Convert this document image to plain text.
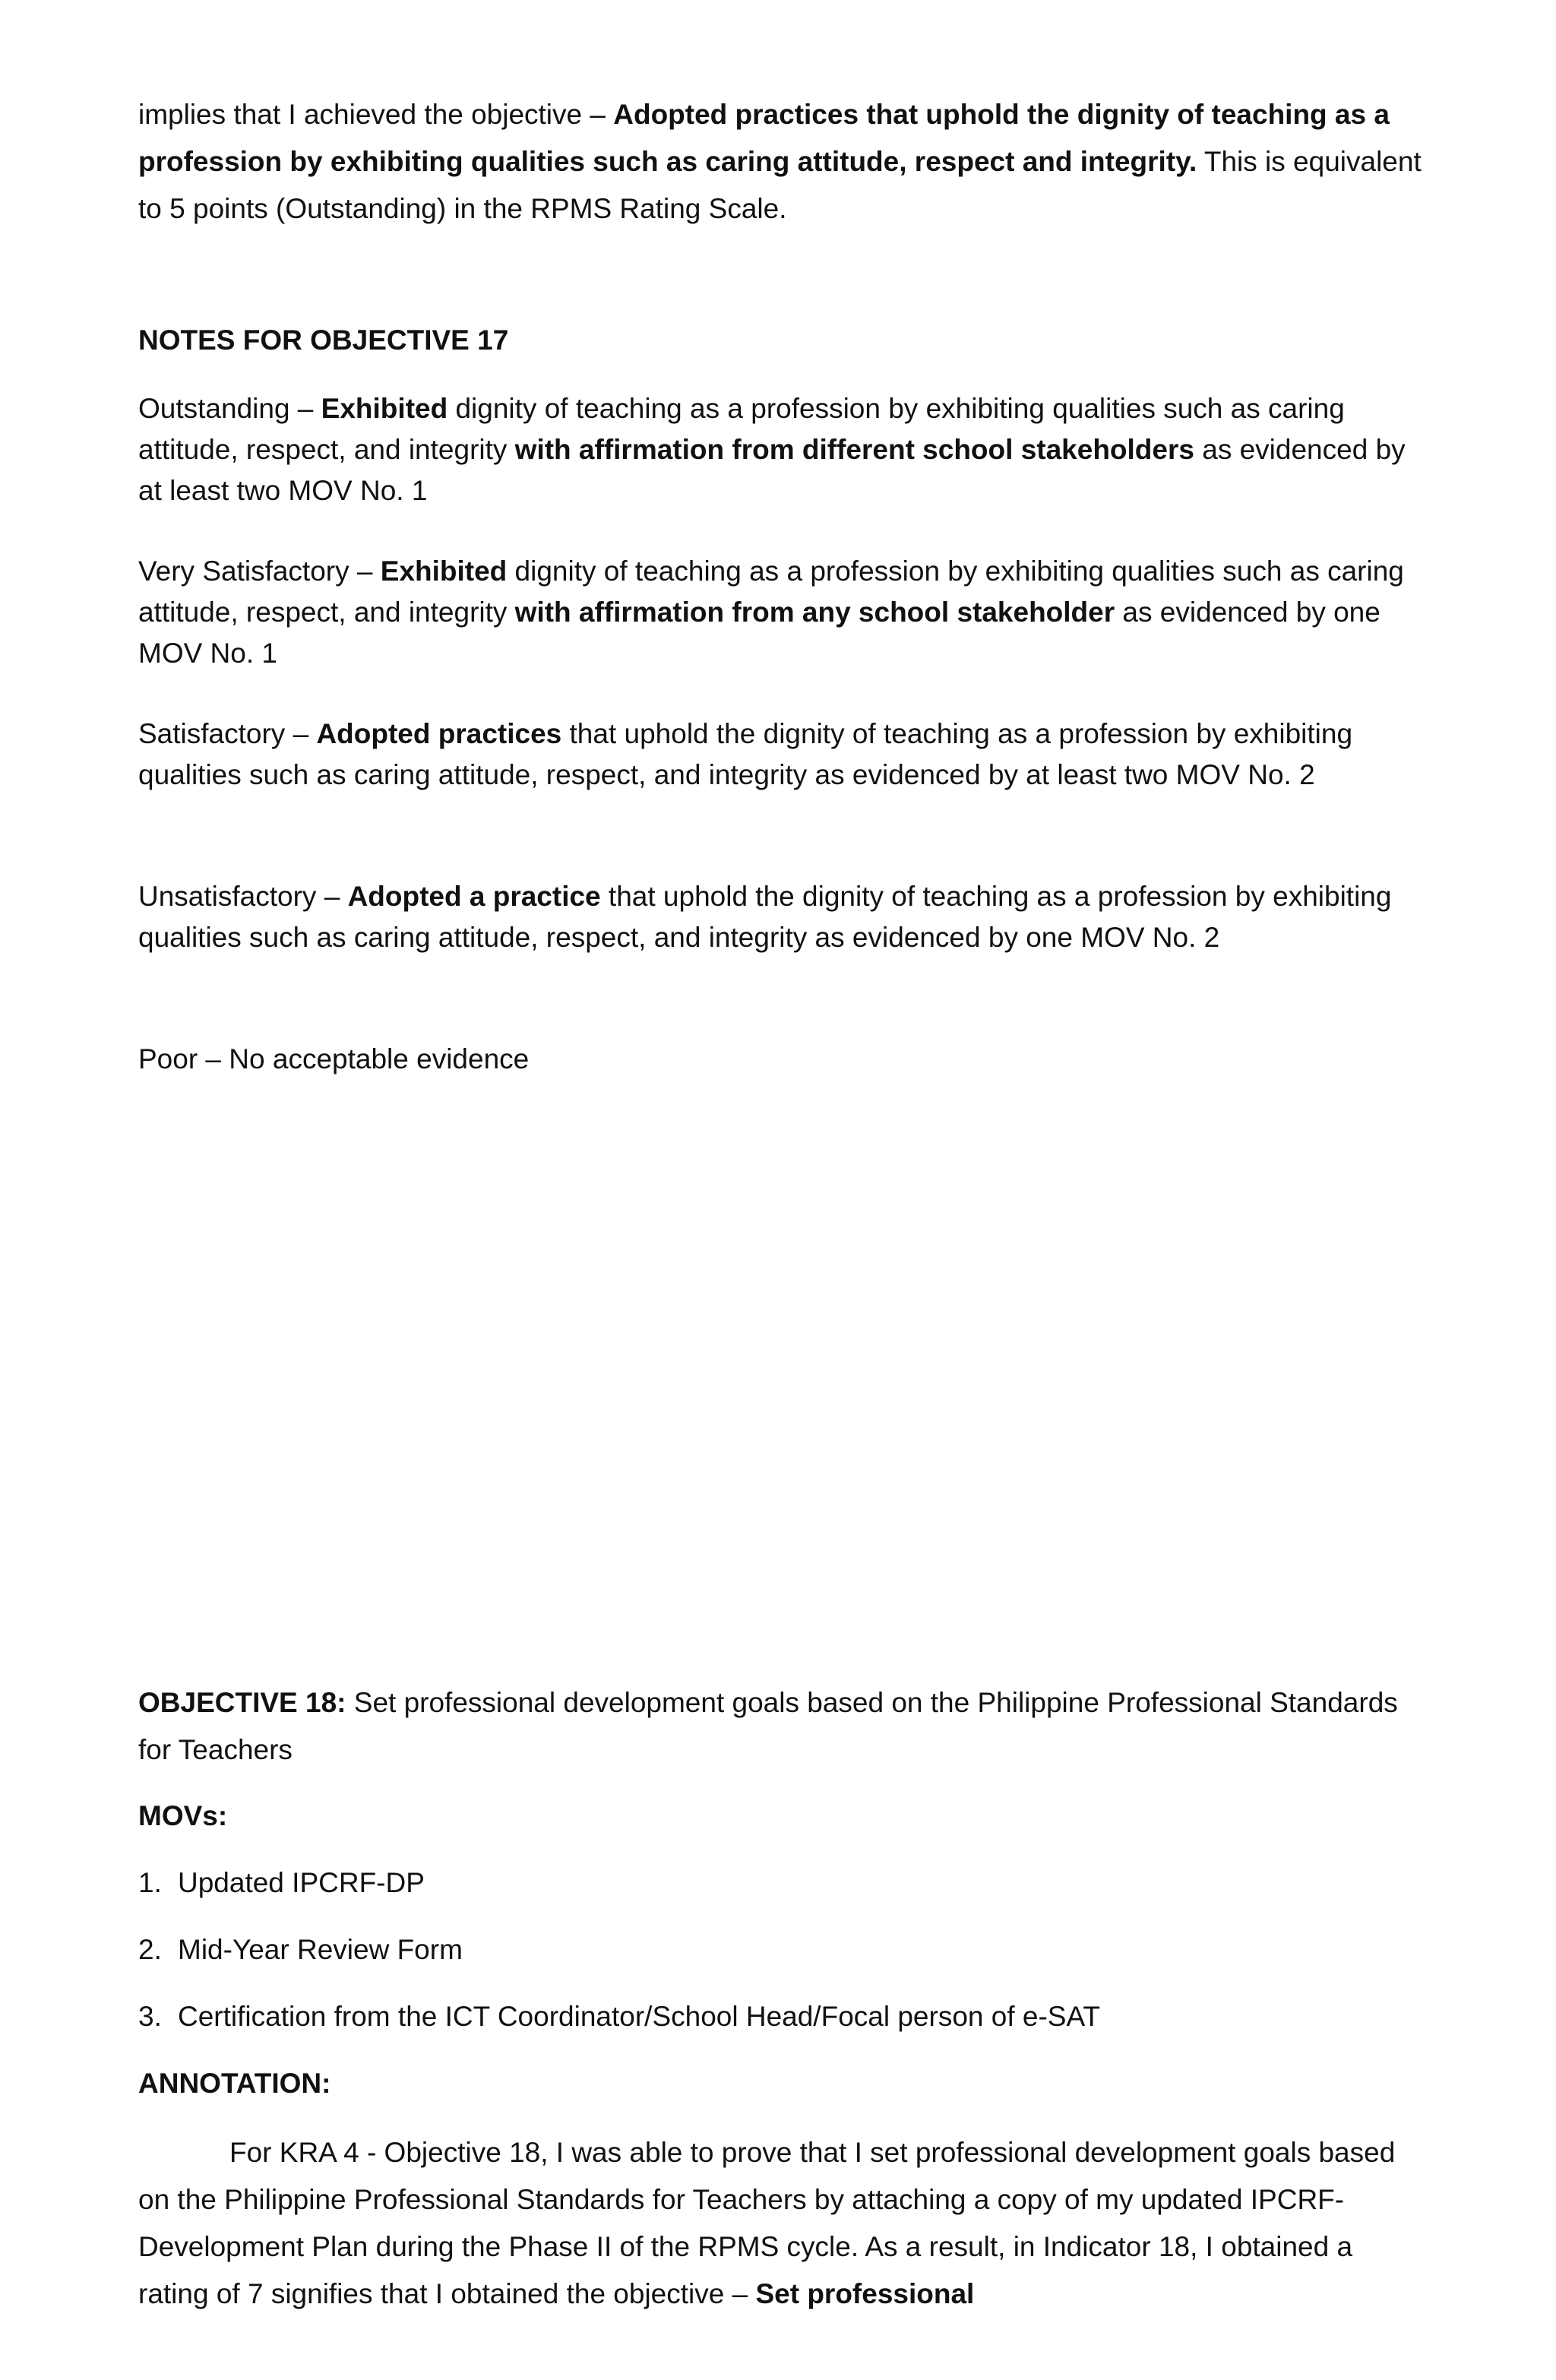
implies that I achieved the objective – Adopted practices that uphold the dignity of teaching as a profession by exhibiting qualities such as caring attitude, respect and integrity. This is equivalent to 5 points (Outstanding) in the RPMS Rating Scale.

NOTES FOR OBJECTIVE 17

Outstanding – Exhibited dignity of teaching as a profession by exhibiting qualities such as caring attitude, respect, and integrity with affirmation from different school stakeholders as evidenced by at least two MOV No. 1

Very Satisfactory – Exhibited dignity of teaching as a profession by exhibiting qualities such as caring attitude, respect, and integrity with affirmation from any school stakeholder as evidenced by one MOV No. 1

Satisfactory – Adopted practices that uphold the dignity of teaching as a profession by exhibiting qualities such as caring attitude, respect, and integrity as evidenced by at least two MOV No. 2

Unsatisfactory – Adopted a practice that uphold the dignity of teaching as a profession by exhibiting qualities such as caring attitude, respect, and integrity as evidenced by one MOV No. 2

Poor – No acceptable evidence

OBJECTIVE 18: Set professional development goals based on the Philippine Professional Standards for Teachers

MOVs:
1. Updated IPCRF-DP
2. Mid-Year Review Form
3. Certification from the ICT Coordinator/School Head/Focal person of e-SAT
ANNOTATION:

For KRA 4 - Objective 18, I was able to prove that I set professional development goals based on the Philippine Professional Standards for Teachers by attaching a copy of my updated IPCRF-Development Plan during the Phase II of the RPMS cycle. As a result, in Indicator 18, I obtained a rating of 7 signifies that I obtained the objective – Set professional
